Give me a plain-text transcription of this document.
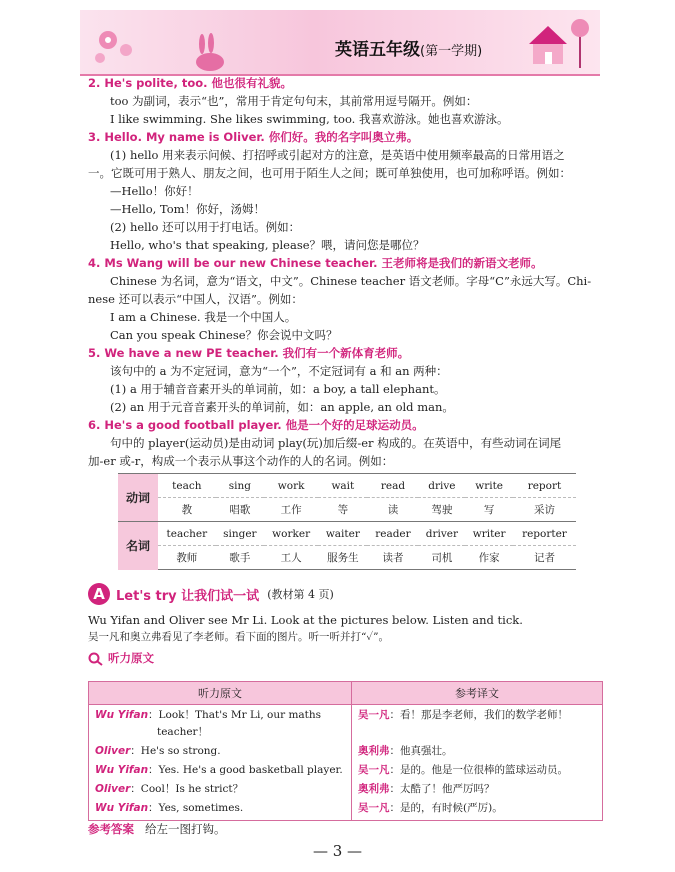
英语五年级(第一学期)
2. He's polite, too. 他也很有礼貌。
too 为副词，表示“也”，常用于肯定句句末，其前常用逗号隔开。例如：
I like swimming. She likes swimming, too. 我喜欢游泳。她也喜欢游泳。
3. Hello. My name is Oliver. 你们好。我的名字叫奥立弗。
(1) hello 用来表示问候、打招呼或引起对方的注意，是英语中使用频率最高的日常用语之
一。它既可用于熟人、朋友之间，也可用于陌生人之间；既可单独使用，也可加称呼语。例如：
—Hello！你好！
—Hello, Tom！你好，汤姆！
(2) hello 还可以用于打电话。例如：
Hello, who's that speaking, please？喂，请问您是哪位？
4. Ms Wang will be our new Chinese teacher. 王老师将是我们的新语文老师。
Chinese 为名词，意为“语文，中文”。Chinese teacher 语文老师。字母“C”永远大写。Chi-
nese 还可以表示“中国人，汉语”。例如：
I am a Chinese. 我是一个中国人。
Can you speak Chinese？你会说中文吗？
5. We have a new PE teacher. 我们有一个新体育老师。
该句中的 a 为不定冠词，意为“一个”，不定冠词有 a 和 an 两种：
(1) a 用于辅音音素开头的单词前，如：a boy, a tall elephant。
(2) an 用于元音音素开头的单词前，如：an apple, an old man。
6. He's a good football player. 他是一个好的足球运动员。
句中的 player(运动员)是由动词 play(玩)加后缀-er 构成的。在英语中，有些动词在词尾
加-er 或-r，构成一个表示从事这个动作的人的名词。例如：
动词	teach	sing	work	wait	read	drive	write	report
	教	唱歌	工作	等	读	驾驶	写	采访
名词	teacher	singer	worker	waiter	reader	driver	writer	reporter
	教师	歌手	工人	服务生	读者	司机	作家	记者
A Let's try 让我们试一试 (教材第 4 页)
Wu Yifan and Oliver see Mr Li. Look at the pictures below. Listen and tick.
吴一凡和奥立弗看见了李老师。看下面的图片。听一听并打“✓”。
听力原文
听力原文	参考译文
Wu Yifan：Look！That's Mr Li, our maths
teacher！	吴一凡：看！那是李老师，我们的数学老师！
Oliver：He's so strong.	奥利弗：他真强壮。
Wu Yifan：Yes. He's a good basketball player.	吴一凡：是的。他是一位很棒的篮球运动员。
Oliver：Cool！Is he strict？	奥利弗：太酷了！他严厉吗？
Wu Yifan：Yes, sometimes.	吴一凡：是的，有时候(严厉)。
参考答案 给左一图打钩。
— 3 —
